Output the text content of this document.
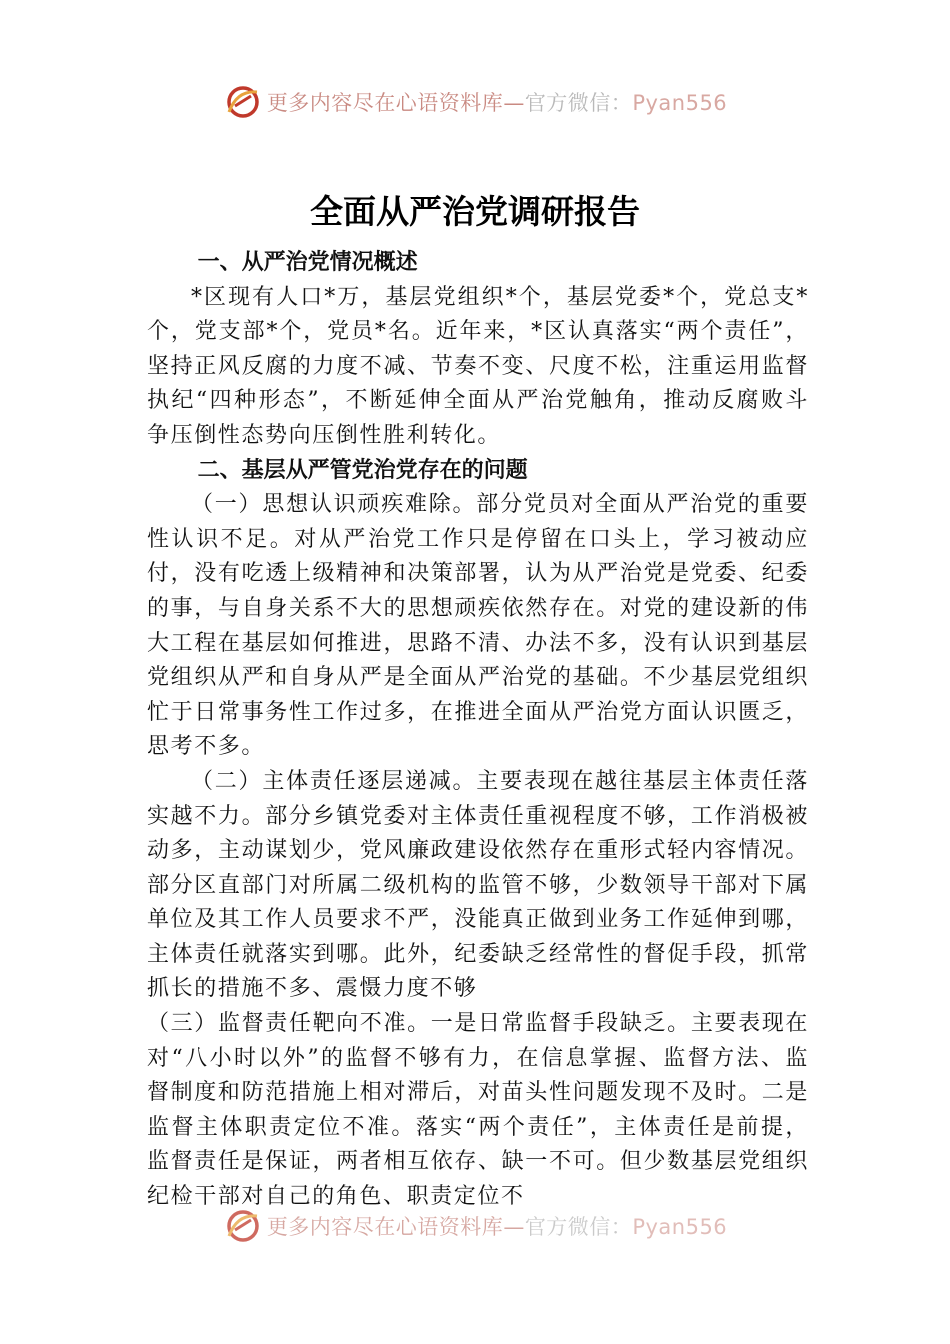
更多内容尽在心语资料库—官方微信：Pyan556
全面从严治党调研报告

一、从严治党情况概述

*区现有人口*万，基层党组织*个，基层党委*个，党总支*个，党支部*个，党员*名。近年来，*区认真落实“两个责任”，坚持正风反腐的力度不减、节奏不变、尺度不松，注重运用监督执纪“四种形态”，不断延伸全面从严治党触角，推动反腐败斗争压倒性态势向压倒性胜利转化。

二、基层从严管党治党存在的问题

（一）思想认识顽疾难除。部分党员对全面从严治党的重要性认识不足。对从严治党工作只是停留在口头上，学习被动应付，没有吃透上级精神和决策部署，认为从严治党是党委、纪委的事，与自身关系不大的思想顽疾依然存在。对党的建设新的伟大工程在基层如何推进，思路不清、办法不多，没有认识到基层党组织从严和自身从严是全面从严治党的基础。不少基层党组织忙于日常事务性工作过多，在推进全面从严治党方面认识匮乏，思考不多。

（二）主体责任逐层递减。主要表现在越往基层主体责任落实越不力。部分乡镇党委对主体责任重视程度不够，工作消极被动多，主动谋划少，党风廉政建设依然存在重形式轻内容情况。部分区直部门对所属二级机构的监管不够，少数领导干部对下属单位及其工作人员要求不严，没能真正做到业务工作延伸到哪，主体责任就落实到哪。此外，纪委缺乏经常性的督促手段，抓常抓长的措施不多、震慑力度不够

（三）监督责任靶向不准。一是日常监督手段缺乏。主要表现在对“八小时以外”的监督不够有力，在信息掌握、监督方法、监督制度和防范措施上相对滞后，对苗头性问题发现不及时。二是监督主体职责定位不准。落实“两个责任”，主体责任是前提，监督责任是保证，两者相互依存、缺一不可。但少数基层党组织纪检干部对自己的角色、职责定位不

更多内容尽在心语资料库—官方微信：Pyan556
